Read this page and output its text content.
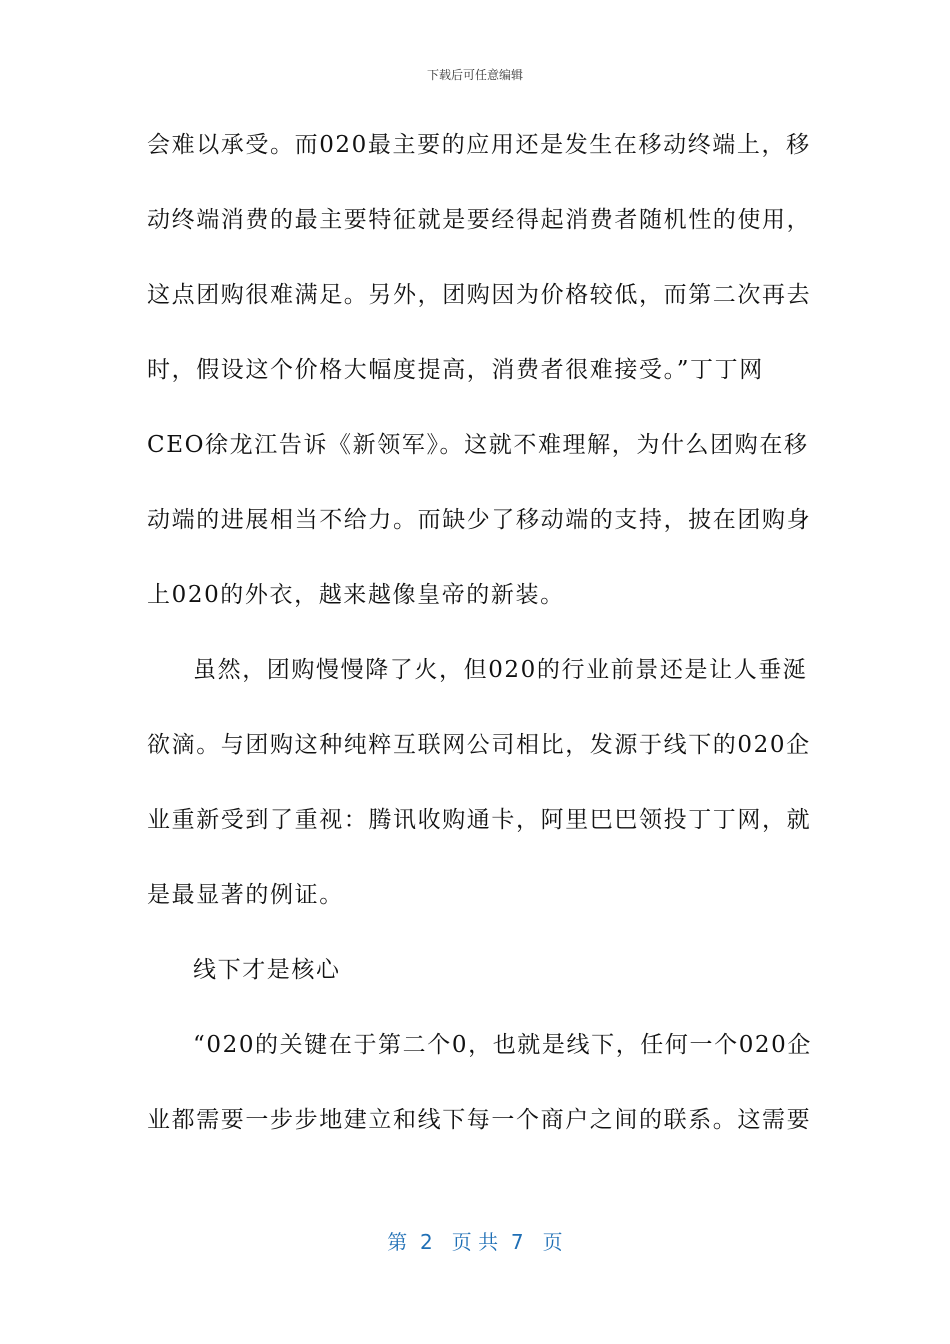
下载后可任意编辑
会难以承受。而020最主要的应用还是发生在移动终端上，移
动终端消费的最主要特征就是要经得起消费者随机性的使用，
这点团购很难满足。另外，团购因为价格较低，而第二次再去
时，假设这个价格大幅度提高，消费者很难接受。”丁丁网
CEO徐龙江告诉《新领军》。这就不难理解，为什么团购在移
动端的进展相当不给力。而缺少了移动端的支持，披在团购身
上020的外衣，越来越像皇帝的新装。
虽然，团购慢慢降了火，但020的行业前景还是让人垂涎
欲滴。与团购这种纯粹互联网公司相比，发源于线下的020企
业重新受到了重视：腾讯收购通卡，阿里巴巴领投丁丁网，就
是最显著的例证。
线下才是核心
“020的关键在于第二个0，也就是线下，任何一个020企
业都需要一步步地建立和线下每一个商户之间的联系。这需要
第  2   页 共  7   页
